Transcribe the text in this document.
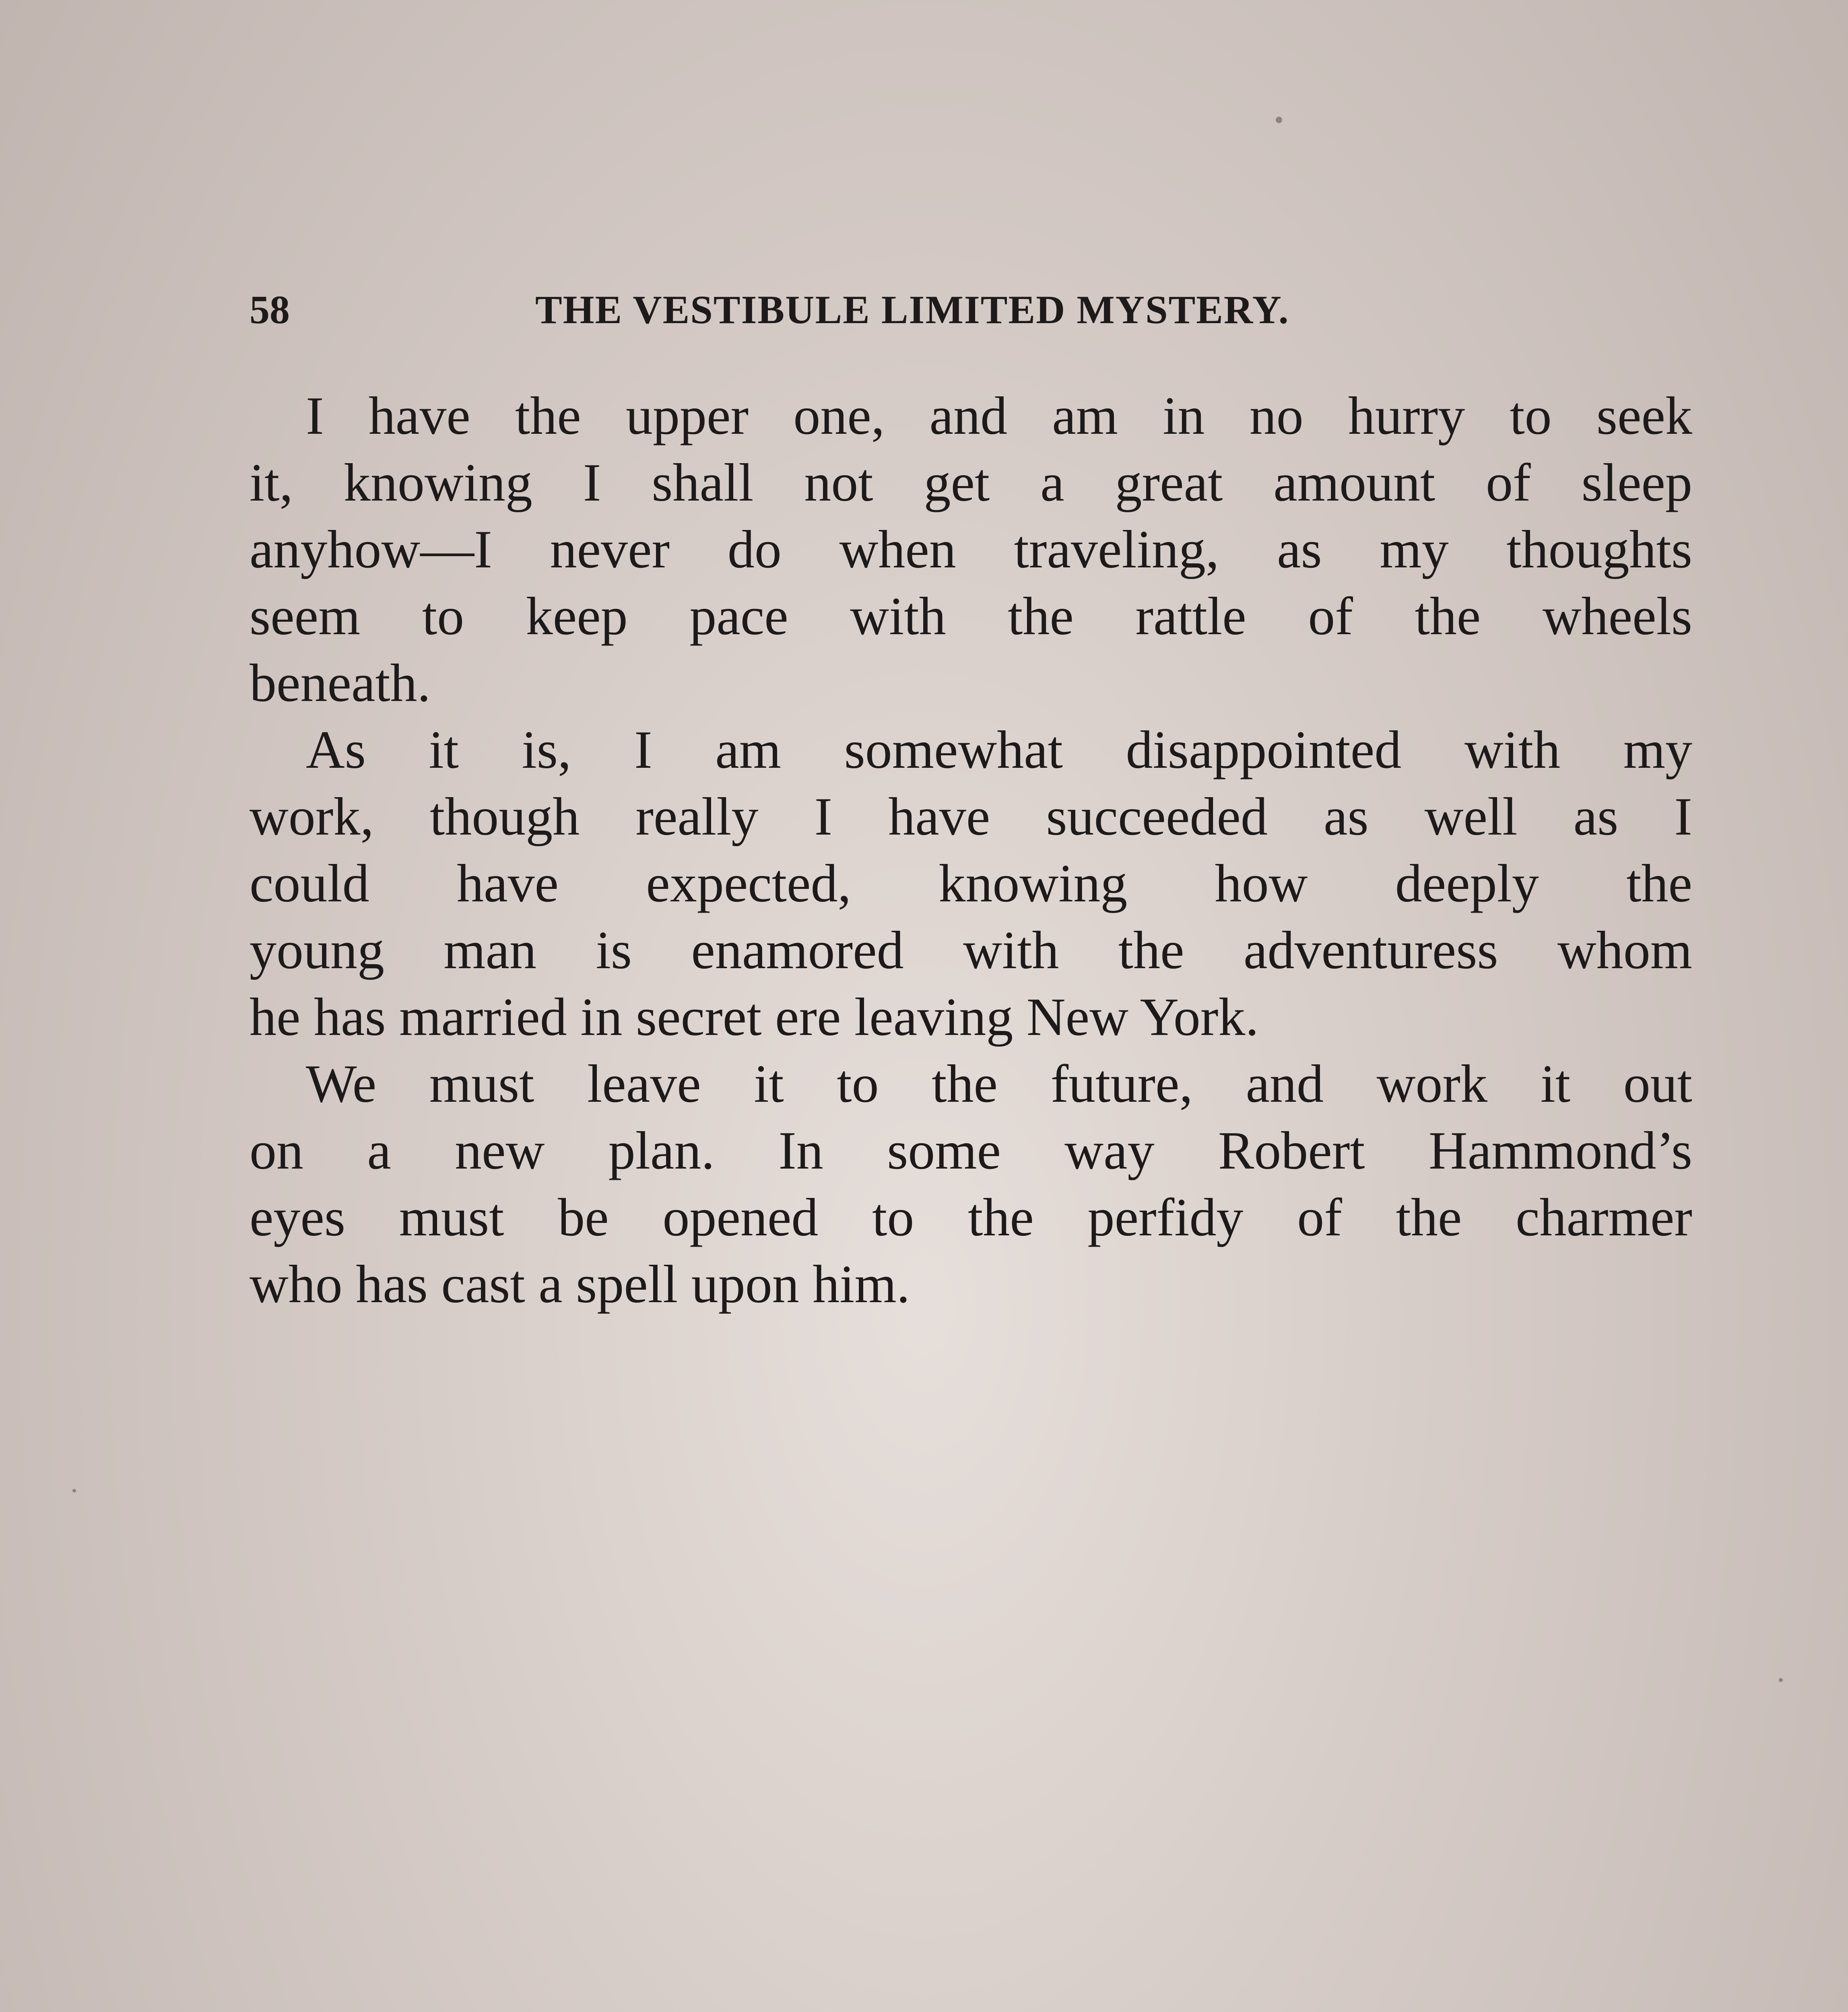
58	THE VESTIBULE LIMITED MYSTERY.
I have the upper one, and am in no hurry to seek
it, knowing I shall not get a great amount of sleep
anyhow—I never do when traveling, as my thoughts
seem to keep pace with the rattle of the wheels
beneath.
As it is, I am somewhat disappointed with my
work, though really I have succeeded as well as I
could have expected, knowing how deeply the
young man is enamored with the adventuress whom
he has married in secret ere leaving New York.
We must leave it to the future, and work it out
on a new plan. In some way Robert Hammond’s
eyes must be opened to the perfidy of the charmer
who has cast a spell upon him.
